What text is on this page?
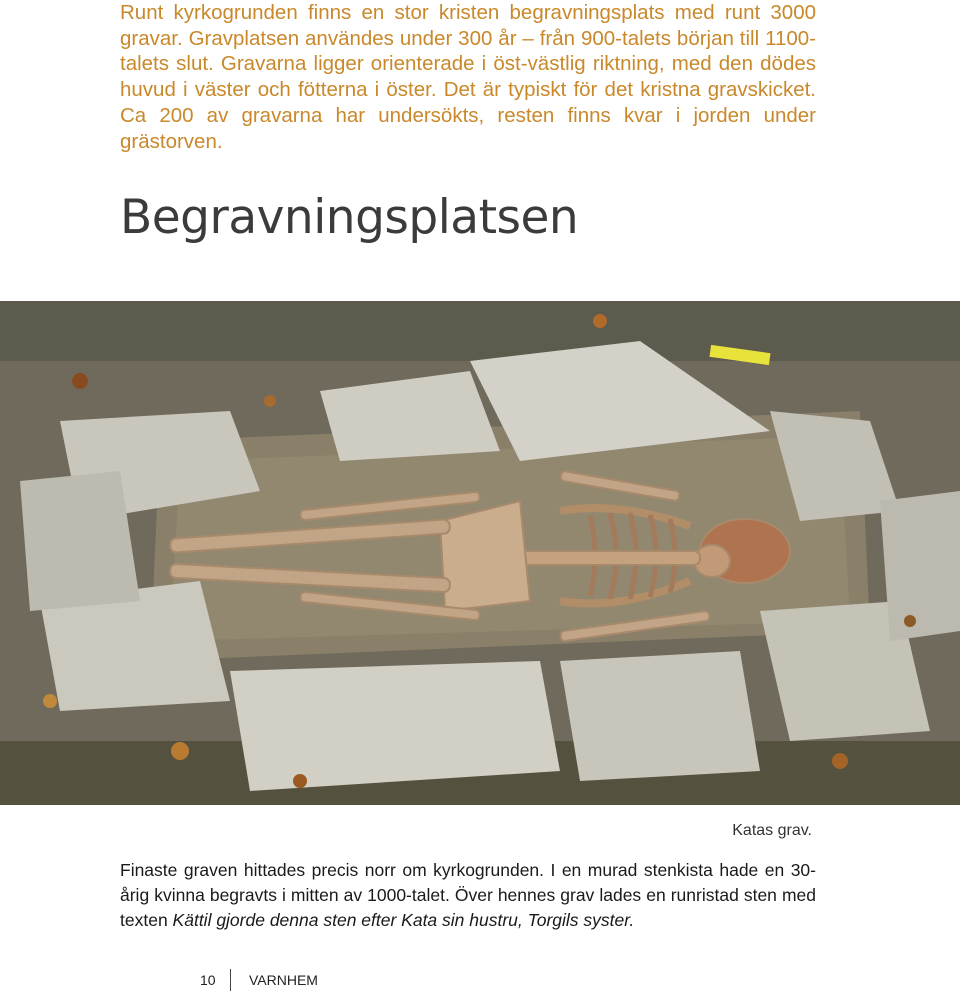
Runt kyrkogrunden finns en stor kristen begravningsplats med runt 3000 gravar. Gravplatsen användes under 300 år – från 900-talets början till 1100-talets slut. Gravarna ligger orienterade i öst-västlig riktning, med den dödes huvud i väster och fötterna i öster. Det är typiskt för det kristna gravskicket. Ca 200 av gravarna har undersökts, resten finns kvar i jorden under grästorven.

Begravningsplatsen

Katas grav.

Finaste graven hittades precis norr om kyrkogrunden. I en murad stenkista hade en 30-årig kvinna begravts i mitten av 1000-talet. Över hennes grav lades en runristad sten med texten Kättil gjorde denna sten efter Kata sin hustru, Torgils syster.

10	VARNHEM
